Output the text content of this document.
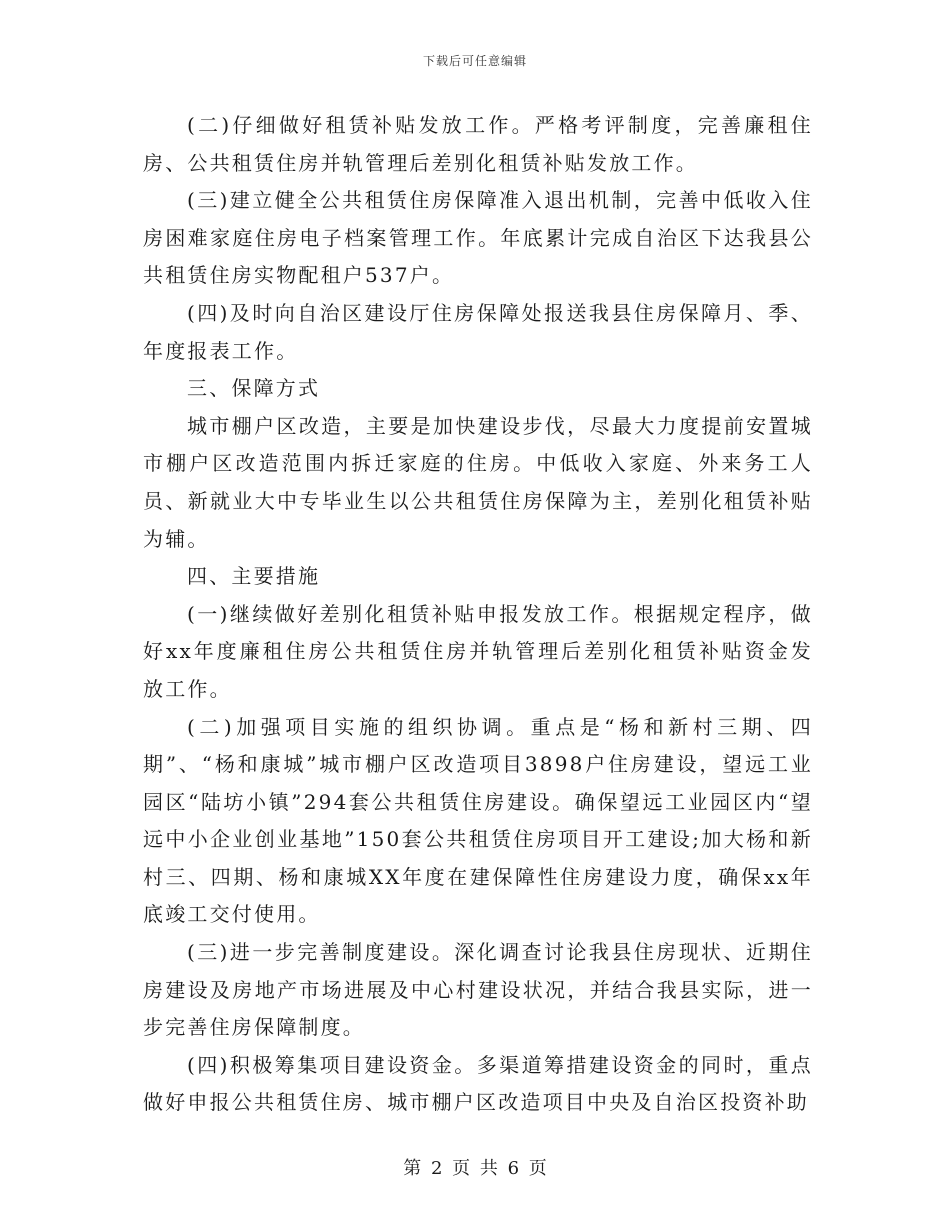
下载后可任意编辑

(二)仔细做好租赁补贴发放工作。严格考评制度，完善廉租住房、公共租赁住房并轨管理后差别化租赁补贴发放工作。

(三)建立健全公共租赁住房保障准入退出机制，完善中低收入住房困难家庭住房电子档案管理工作。年底累计完成自治区下达我县公共租赁住房实物配租户537户。

(四)及时向自治区建设厅住房保障处报送我县住房保障月、季、年度报表工作。

三、保障方式

城市棚户区改造，主要是加快建设步伐，尽最大力度提前安置城市棚户区改造范围内拆迁家庭的住房。中低收入家庭、外来务工人员、新就业大中专毕业生以公共租赁住房保障为主，差别化租赁补贴为辅。

四、主要措施

(一)继续做好差别化租赁补贴申报发放工作。根据规定程序，做好xx年度廉租住房公共租赁住房并轨管理后差别化租赁补贴资金发放工作。

(二)加强项目实施的组织协调。重点是“杨和新村三期、四期”、“杨和康城”城市棚户区改造项目3898户住房建设，望远工业园区“陆坊小镇”294套公共租赁住房建设。确保望远工业园区内“望远中小企业创业基地”150套公共租赁住房项目开工建设;加大杨和新村三、四期、杨和康城XX年度在建保障性住房建设力度，确保xx年底竣工交付使用。

(三)进一步完善制度建设。深化调查讨论我县住房现状、近期住房建设及房地产市场进展及中心村建设状况，并结合我县实际，进一步完善住房保障制度。

(四)积极筹集项目建设资金。多渠道筹措建设资金的同时，重点做好申报公共租赁住房、城市棚户区改造项目中央及自治区投资补助

第 2 页 共 6 页
